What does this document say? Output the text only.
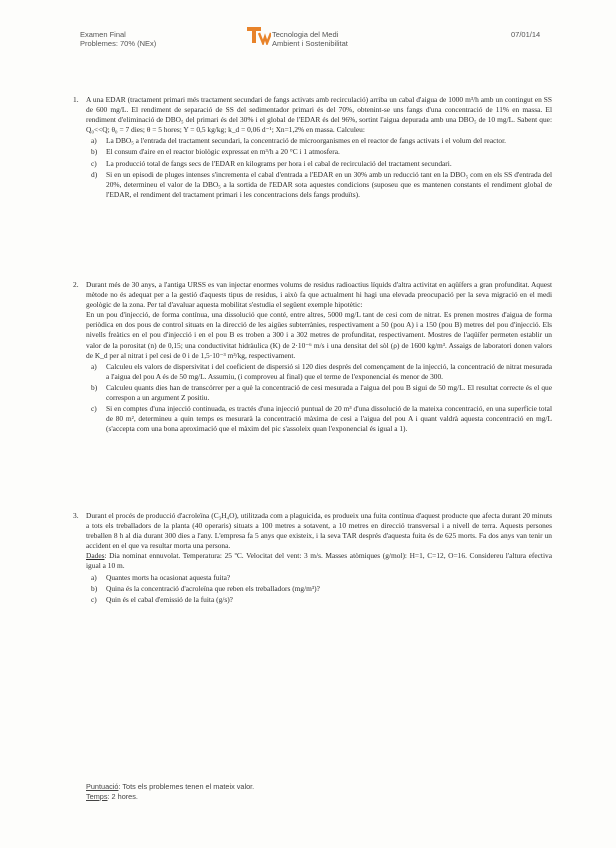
Examen Final
Problemes: 70% (NEx)
Tecnologia del Medi
Ambient i Sostenibilitat
07/01/14
1. A una EDAR (tractament primari més tractament secundari de fangs activats amb recirculació) arriba un cabal d'aigua de 1000 m³/h amb un contingut en SS de 600 mg/L. El rendiment de separació de SS del sedimentador primari és del 70%, obtenint-se uns fangs d'una concentració de 11% en massa. El rendiment d'eliminació de DBO₅ del primari és del 30% i el global de l'EDAR és del 96%, sortint l'aigua depurada amb una DBO₅ de 10 mg/L. Sabent que: Q₀<<Q; θ₀ = 7 dies; θ = 5 hores; Y = 0,5 kg/kg; k_d = 0,06 d⁻¹; Xn=1,2% en massa. Calculeu:

a) La DBO₅ a l'entrada del tractament secundari, la concentració de microorganismes en el reactor de fangs activats i el volum del reactor.
b) El consum d'aire en el reactor biològic expressat en m³/h a 20 °C i 1 atmosfera.
c) La producció total de fangs secs de l'EDAR en kilograms per hora i el cabal de recirculació del tractament secundari.
d) Si en un episodi de pluges intenses s'incrementa el cabal d'entrada a l'EDAR en un 30% amb un reducció tant en la DBO₅ com en els SS d'entrada del 20%, determineu el valor de la DBO₅ a la sortida de l'EDAR sota aquestes condicions (suposeu que es mantenen constants el rendiment global de l'EDAR, el rendiment del tractament primari i les concentracions dels fangs produïts).
2. Durant més de 30 anys, a l'antiga URSS es van injectar enormes volums de residus radioactius líquids d'altra activitat en aqüífers a gran profunditat. Aquest mètode no és adequat per a la gestió d'aquests tipus de residus, i això fa que actualment hi hagi una elevada preocupació per la seva migració en el medi geològic de la zona. Per tal d'avaluar aquesta mobilitat s'estudia el següent exemple hipotètic:

En un pou d'injecció, de forma contínua, una dissolució que conté, entre altres, 5000 mg/L tant de cesi com de nitrat. Es prenen mostres d'aigua de forma periòdica en dos pous de control situats en la direcció de les aigües subterrànies, respectivament a 50 (pou A) i a 150 (pou B) metres del pou d'injecció. Els nivells freàtics en el pou d'injecció i en el pou B es troben a 300 i a 302 metres de profunditat, respectivament. Mostres de l'aqüífer permeten establir un valor de la porositat (n) de 0,15; una conductivitat hidràulica (K) de 2·10⁻⁶ m/s i una densitat del sòl (ρ) de 1600 kg/m³. Assaigs de laboratori donen valors de K_d per al nitrat i pel cesi de 0 i de 1,5·10⁻³ m³/kg, respectivament.

a) Calculeu els valors de dispersivitat i del coeficient de dispersió si 120 dies després del començament de la injecció, la concentració de nitrat mesurada a l'aigua del pou A és de 50 mg/L. Assumiu, (i comproveu al final) que el terme de l'exponencial és menor de 300.
b) Calculeu quants dies han de transcórrer per a què la concentració de cesi mesurada a l'aigua del pou B sigui de 50 mg/L. El resultat correcte és el que correspon a un argument Z positiu.
c) Si en comptes d'una injecció continuada, es tractés d'una injecció puntual de 20 m³ d'una dissolució de la mateixa concentració, en una superfície total de 80 m², determineu a quin temps es mesurarà la concentració màxima de cesi a l'aigua del pou A i quant valdrà aquesta concentració en mg/L (s'accepta com una bona aproximació que el màxim del pic s'assoleix quan l'exponencial és igual a 1).
3. Durant el procés de producció d'acroleïna (C₃H₄O), utilitzada com a plaguicida, es produeix una fuita contínua d'aquest producte que afecta durant 20 minuts a tots els treballadors de la planta (40 operaris) situats a 100 metres a sotavent, a 10 metres en direcció transversal i a nivell de terra. Aquests persones treballen 8 h al dia durant 300 dies a l'any. L'empresa fa 5 anys que existeix, i la seva TAR després d'aquesta fuita és de 625 morts. Fa dos anys van tenir un accident en el que va resultar morta una persona.

Dades: Dia nominat ennuvolat. Temperatura: 25 ºC. Velocitat del vent: 3 m/s. Masses atòmiques (g/mol): H=1, C=12, O=16. Considereu l'altura efectiva igual a 10 m.

a) Quantes morts ha ocasionat aquesta fuita?
b) Quina és la concentració d'acroleïna que reben els treballadors (mg/m³)?
c) Quin és el cabal d'emissió de la fuita (g/s)?
Puntuació: Tots els problemes tenen el mateix valor.
Temps: 2 hores.
